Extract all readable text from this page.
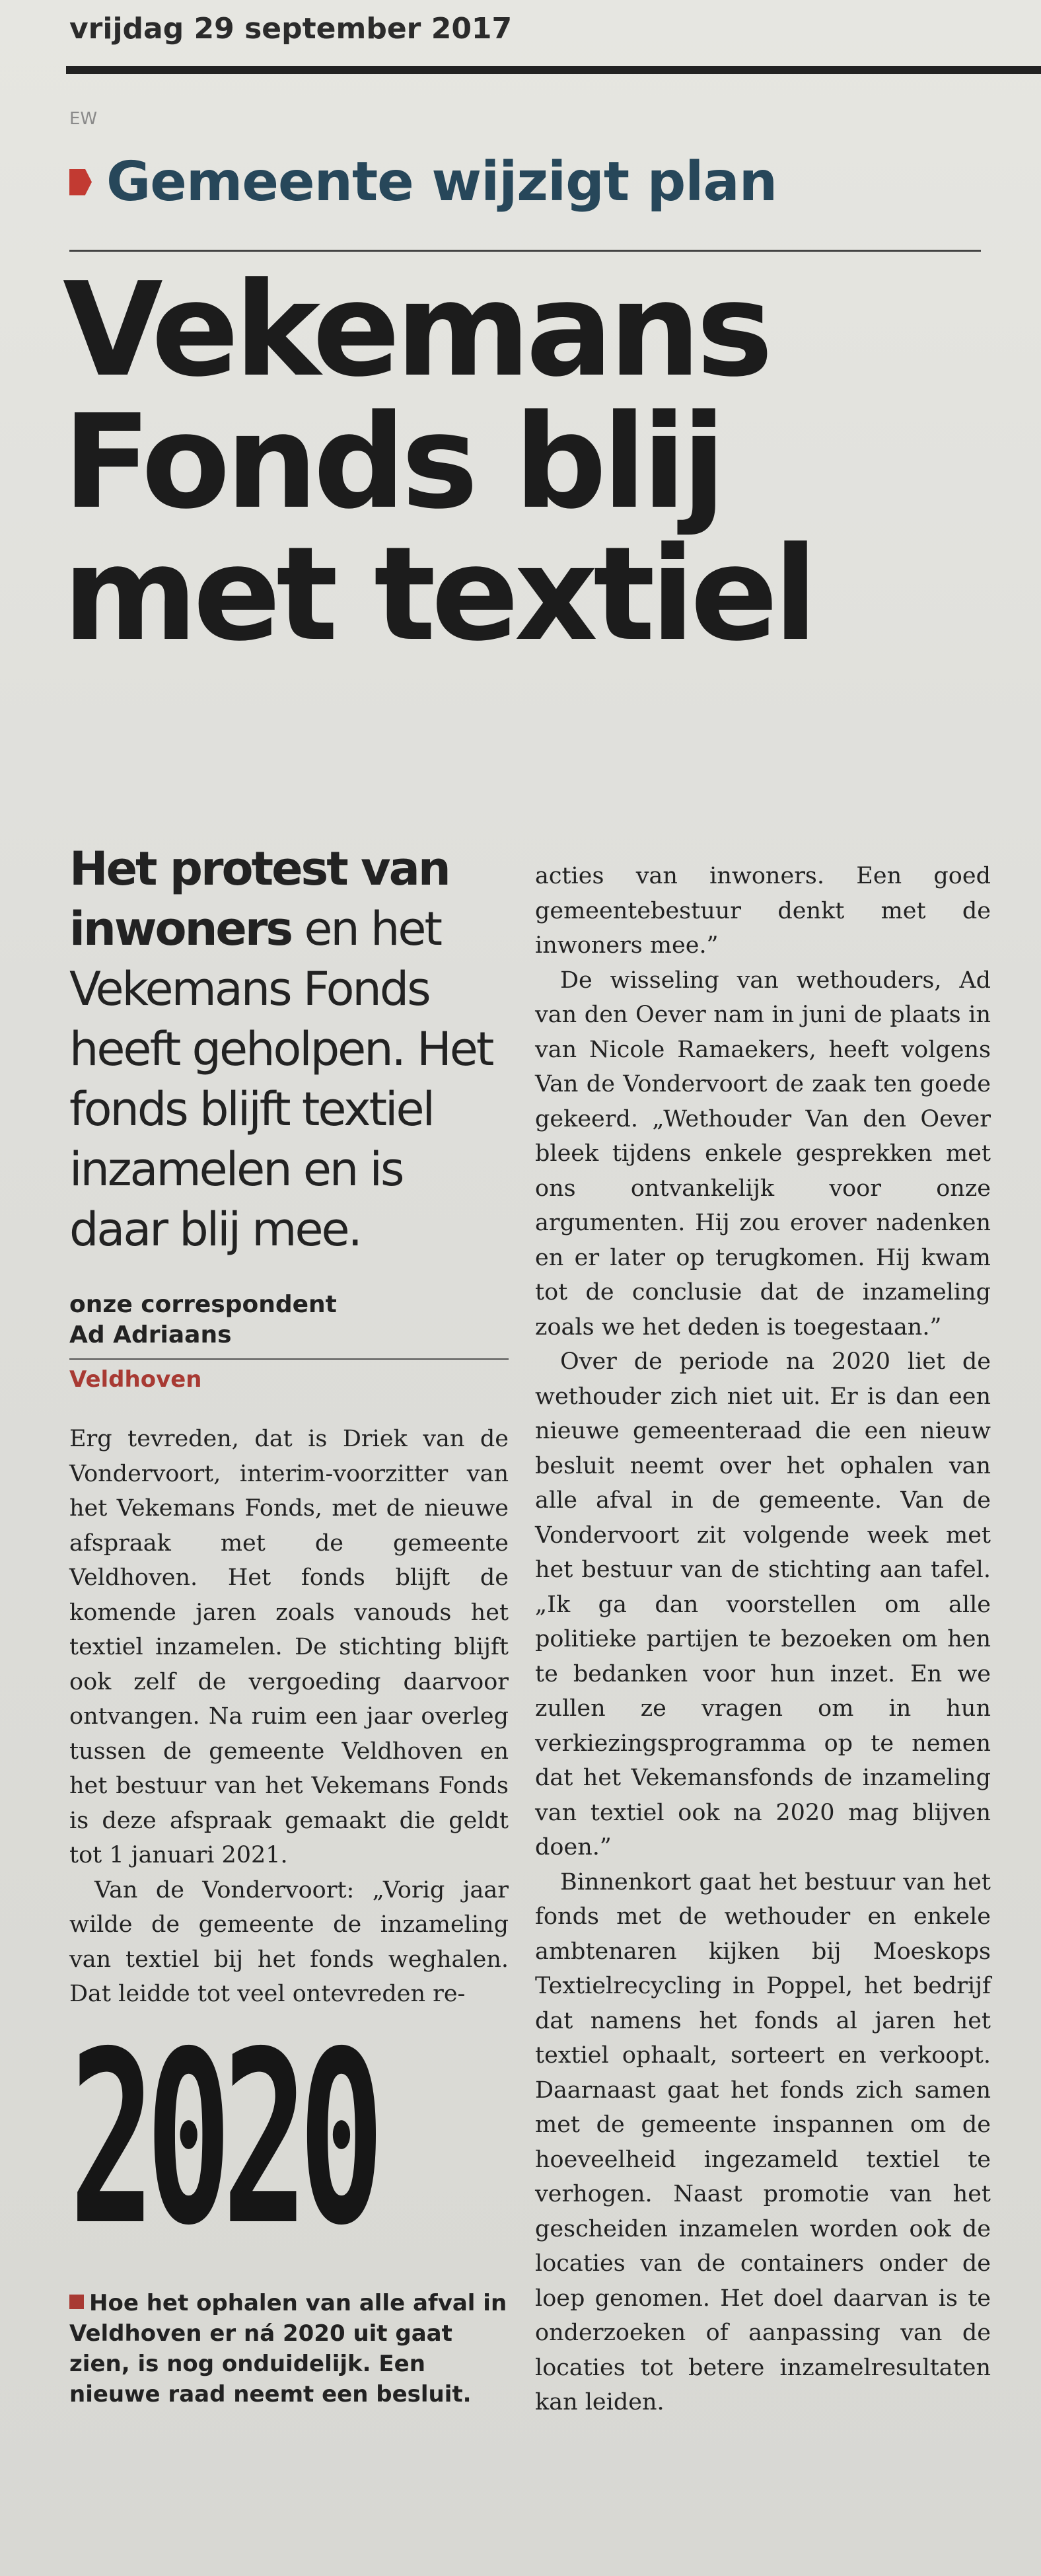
vrijdag 29 september 2017
EW
Gemeente wijzigt plan
Vekemans
Fonds blij
met textiel

Het protest van inwoners en het Vekemans Fonds heeft geholpen. Het fonds blijft textiel inzamelen en is daar blij mee.

onze correspondent
Ad Adriaans
Veldhoven

Erg tevreden, dat is Driek van de Vondervoort, interim-voorzitter van het Vekemans Fonds, met de nieuwe afspraak met de gemeente Veldhoven. Het fonds blijft de komende jaren zoals vanouds het textiel inzamelen. De stichting blijft ook zelf de vergoeding daarvoor ontvangen. Na ruim een jaar overleg tussen de gemeente Veldhoven en het bestuur van het Vekemans Fonds is deze afspraak gemaakt die geldt tot 1 januari 2021.

Van de Vondervoort: „Vorig jaar wilde de gemeente de inzameling van textiel bij het fonds weghalen. Dat leidde tot veel ontevreden re-

2020
Hoe het ophalen van alle afval in Veldhoven er ná 2020 uit gaat zien, is nog onduidelijk. Een nieuwe raad neemt een besluit.

acties van inwoners. Een goed gemeentebestuur denkt met de inwoners mee.”

De wisseling van wethouders, Ad van den Oever nam in juni de plaats in van Nicole Ramaekers, heeft volgens Van de Vondervoort de zaak ten goede gekeerd. „Wethouder Van den Oever bleek tijdens enkele gesprekken met ons ontvankelijk voor onze argumenten. Hij zou erover nadenken en er later op terugkomen. Hij kwam tot de conclusie dat de inzameling zoals we het deden is toegestaan.”

Over de periode na 2020 liet de wethouder zich niet uit. Er is dan een nieuwe gemeenteraad die een nieuw besluit neemt over het ophalen van alle afval in de gemeente. Van de Vondervoort zit volgende week met het bestuur van de stichting aan tafel. „Ik ga dan voorstellen om alle politieke partijen te bezoeken om hen te bedanken voor hun inzet. En we zullen ze vragen om in hun verkiezingsprogramma op te nemen dat het Vekemansfonds de inzameling van textiel ook na 2020 mag blijven doen.”

Binnenkort gaat het bestuur van het fonds met de wethouder en enkele ambtenaren kijken bij Moeskops Textielrecycling in Poppel, het bedrijf dat namens het fonds al jaren het textiel ophaalt, sorteert en verkoopt. Daarnaast gaat het fonds zich samen met de gemeente inspannen om de hoeveelheid ingezameld textiel te verhogen. Naast promotie van het gescheiden inzamelen worden ook de locaties van de containers onder de loep genomen. Het doel daarvan is te onderzoeken of aanpassing van de locaties tot betere inzamelresultaten kan leiden.
